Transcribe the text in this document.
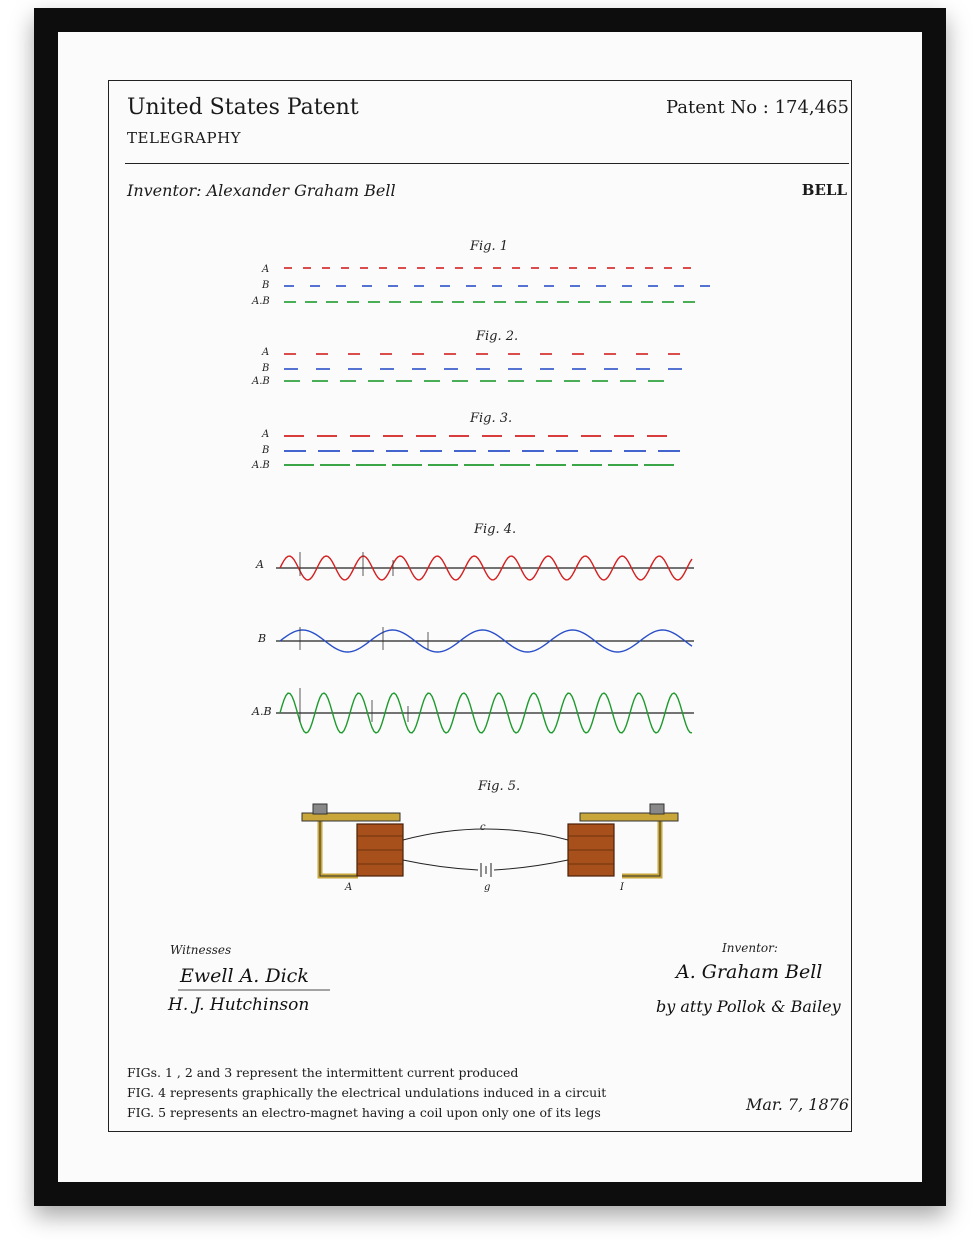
United States Patent
TELEGRAPHY
Patent No : 174,465
Inventor: Alexander Graham Bell	BELL
FIGs. 1 , 2 and 3 represent the intermittent current produced
FIG. 4 represents graphically the electrical undulations induced in a circuit
FIG. 5 represents an electro-magnet having a coil upon only one of its legs	Mar. 7, 1876
Fig. 1
Fig. 2.
Fig. 3.
Fig. 4.
Fig. 5.
A
B
A.B
A
B
A.B
A
B
A.B
A
B
A.B
c
g
A	I
Witnesses
Ewell A. Dick
H. J. Hutchinson
Inventor:
A. Graham Bell
by atty Pollok & Bailey
